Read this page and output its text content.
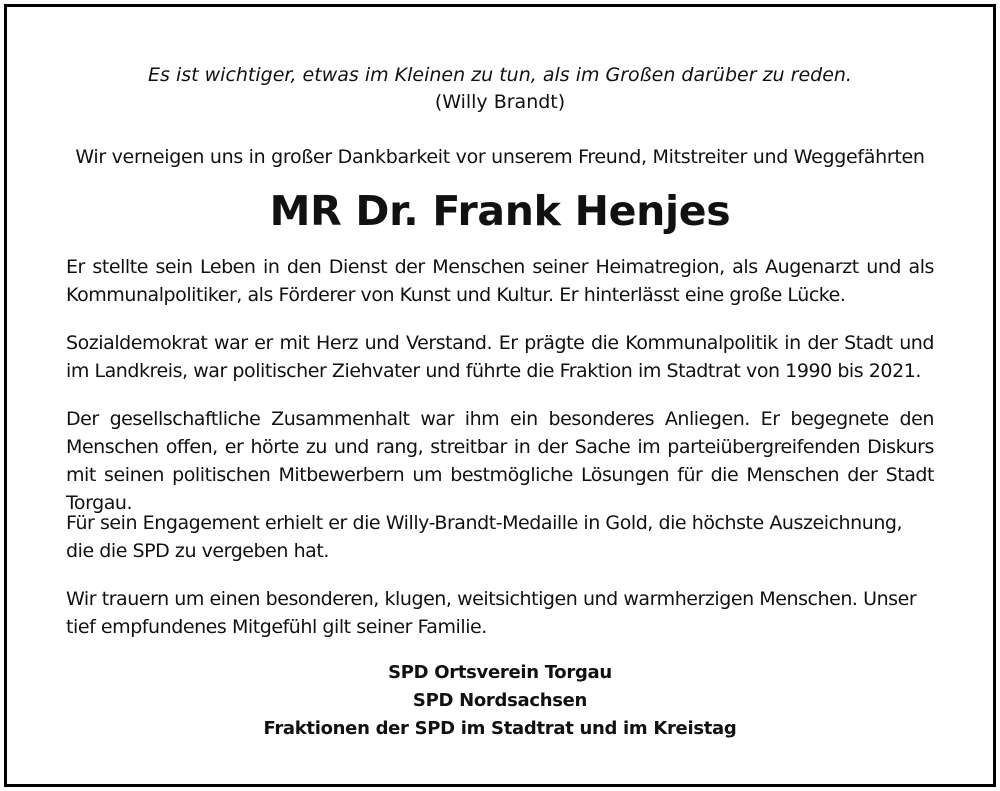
Es ist wichtiger, etwas im Kleinen zu tun, als im Großen darüber zu reden.
(Willy Brandt)
Wir verneigen uns in großer Dankbarkeit vor unserem Freund, Mitstreiter und Weggefährten
MR Dr. Frank Henjes
Er stellte sein Leben in den Dienst der Menschen seiner Heimatregion, als Augenarzt und als Kommunalpolitiker, als Förderer von Kunst und Kultur. Er hinterlässt eine große Lücke.
Sozialdemokrat war er mit Herz und Verstand. Er prägte die Kommunalpolitik in der Stadt und im Landkreis, war politischer Ziehvater und führte die Fraktion im Stadtrat von 1990 bis 2021.
Der gesellschaftliche Zusammenhalt war ihm ein besonderes Anliegen. Er begegnete den Menschen offen, er hörte zu und rang, streitbar in der Sache im parteiübergreifenden Diskurs mit seinen politischen Mitbewerbern um bestmögliche Lösungen für die Menschen der Stadt Torgau.
Für sein Engagement erhielt er die Willy-Brandt-Medaille in Gold, die höchste Auszeichnung, die die SPD zu vergeben hat.
Wir trauern um einen besonderen, klugen, weitsichtigen und warmherzigen Menschen. Unser tief empfundenes Mitgefühl gilt seiner Familie.
SPD Ortsverein Torgau
SPD Nordsachsen
Fraktionen der SPD im Stadtrat und im Kreistag
